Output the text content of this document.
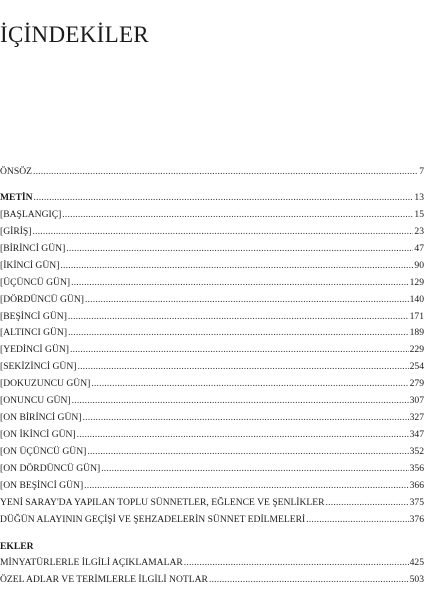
İÇİNDEKİLER
ÖNSÖZ .....	7
METİN .....	13
[BAŞLANGIÇ] .....	15
[GİRİŞ] .....	23
[BİRİNCİ GÜN] .....	47
[İKİNCİ GÜN] .....	90
[ÜÇÜNCÜ GÜN] .....	129
[DÖRDÜNCÜ GÜN] .....	140
[BEŞİNCİ GÜN] .....	171
[ALTINCI GÜN] .....	189
[YEDİNCİ GÜN] .....	229
[SEKİZİNCİ GÜN] .....	254
[DOKUZUNCU GÜN] .....	279
[ONUNCU GÜN] .....	307
[ON BİRİNCİ GÜN] .....	327
[ON İKİNCİ GÜN] .....	347
[ON ÜÇÜNCÜ GÜN] .....	352
[ON DÖRDÜNCÜ GÜN] .....	356
[ON BEŞİNCİ GÜN] .....	366
YENİ SARAY'DA YAPILAN TOPLU SÜNNETLER, EĞLENCE VE ŞENLİKLER .....	375
DÜĞÜN ALAYININ GEÇİŞİ VE ŞEHZADELERİN SÜNNET EDİLMELERİ .....	376
EKLER
MİNYATÜRLERLE İLGİLİ AÇIKLAMALAR .....	425
ÖZEL ADLAR VE TERİMLERLE İLGİLİ NOTLAR .....	503
